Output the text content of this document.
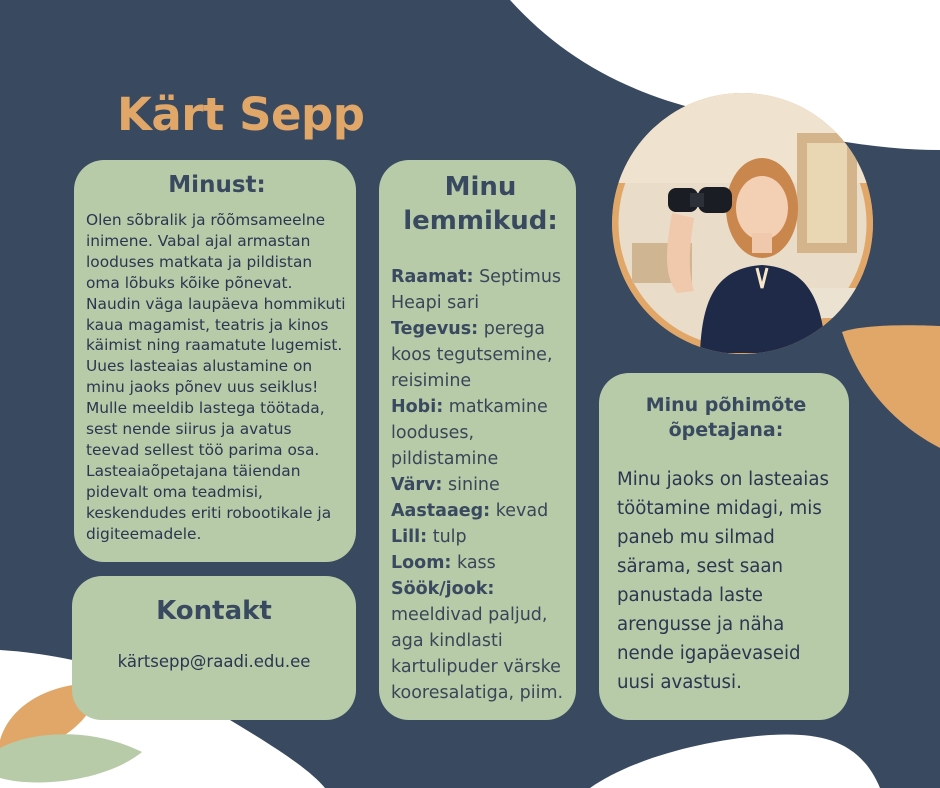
Kärt Sepp
Minust:

Olen sõbralik ja rõõmsameelne inimene. Vabal ajal armastan looduses matkata ja pildistan oma lõbuks kõike põnevat. Naudin väga laupäeva hommikuti kaua magamist, teatris ja kinos käimist ning raamatute lugemist. Uues lasteaias alustamine on minu jaoks põnev uus seiklus! Mulle meeldib lastega töötada, sest nende siirus ja avatus teevad sellest töö parima osa. Lasteaiaõpetajana täiendan pidevalt oma teadmisi, keskendudes eriti robootikale ja digiteemadele.

Kontakt
kärtsepp@raadi.edu.ee
Minu lemmikud:
Raamat: Septimus Heapi sari
Tegevus: perega koos tegutsemine, reisimine
Hobi: matkamine looduses, pildistamine
Värv: sinine
Aastaaeg: kevad
Lill: tulp
Loom: kass
Söök/jook: meeldivad paljud, aga kindlasti kartulipuder värske kooresalatiga, piim.
Minu põhimõte õpetajana:

Minu jaoks on lasteaias töötamine midagi, mis paneb mu silmad särama, sest saan panustada laste arengusse ja näha nende igapäevaseid uusi avastusi.
